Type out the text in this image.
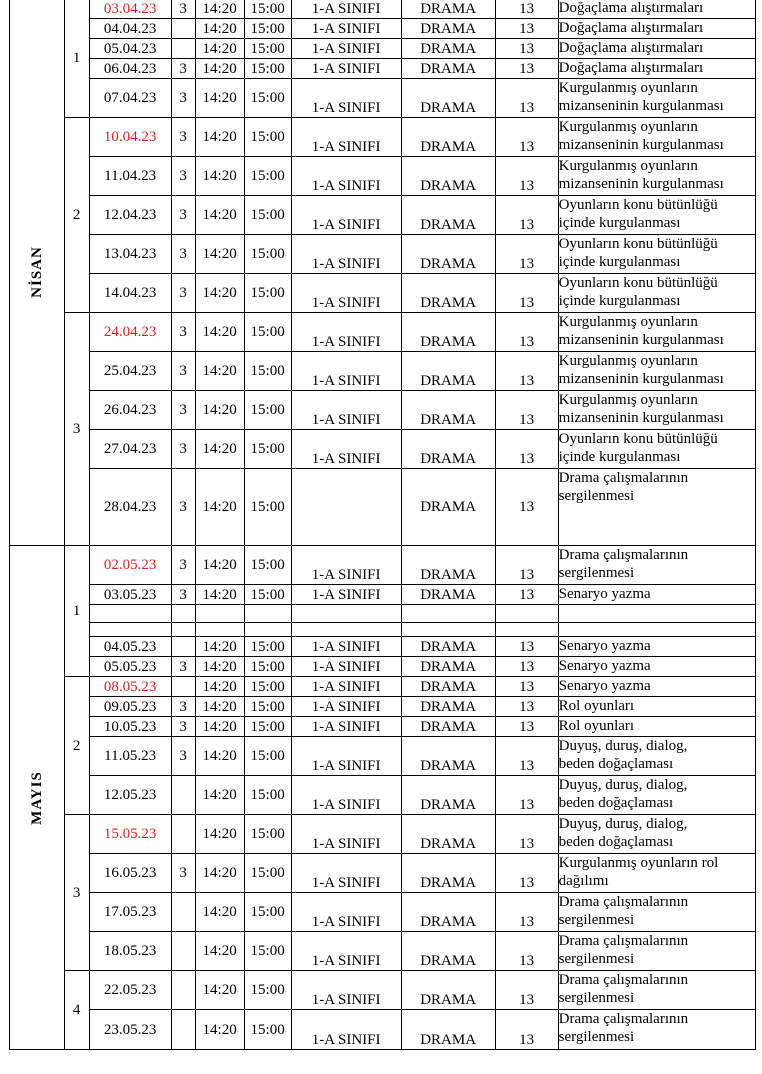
NİSAN	1	03.04.23	3	14:20	15:00	1-A SINIFI	DRAMA	13	Doğaçlama alıştırmaları

		04.04.23		14:20	15:00	1-A SINIFI	DRAMA	13	Doğaçlama alıştırmaları

		05.04.23		14:20	15:00	1-A SINIFI	DRAMA	13	Doğaçlama alıştırmaları

		06.04.23	3	14:20	15:00	1-A SINIFI	DRAMA	13	Doğaçlama alıştırmaları

		07.04.23	3	14:20	15:00	1-A SINIFI	DRAMA	13	Kurgulanmış oyunların
mizanseninin kurgulanması

	2	10.04.23	3	14:20	15:00	1-A SINIFI	DRAMA	13	Kurgulanmış oyunların
mizanseninin kurgulanması

		11.04.23	3	14:20	15:00	1-A SINIFI	DRAMA	13	Kurgulanmış oyunların
mizanseninin kurgulanması

		12.04.23	3	14:20	15:00	1-A SINIFI	DRAMA	13	Oyunların konu bütünlüğü
içinde kurgulanması

		13.04.23	3	14:20	15:00	1-A SINIFI	DRAMA	13	Oyunların konu bütünlüğü
içinde kurgulanması

		14.04.23	3	14:20	15:00	1-A SINIFI	DRAMA	13	Oyunların konu bütünlüğü
içinde kurgulanması

	3	24.04.23	3	14:20	15:00	1-A SINIFI	DRAMA	13	Kurgulanmış oyunların
mizanseninin kurgulanması

		25.04.23	3	14:20	15:00	1-A SINIFI	DRAMA	13	Kurgulanmış oyunların
mizanseninin kurgulanması

		26.04.23	3	14:20	15:00	1-A SINIFI	DRAMA	13	Kurgulanmış oyunların
mizanseninin kurgulanması

		27.04.23	3	14:20	15:00	1-A SINIFI	DRAMA	13	Oyunların konu bütünlüğü
içinde kurgulanması

		28.04.23	3	14:20	15:00		DRAMA	13	Drama çalışmalarının
sergilenmesi

MAYIS	1	02.05.23	3	14:20	15:00	1-A SINIFI	DRAMA	13	Drama çalışmalarının
sergilenmesi

		03.05.23	3	14:20	15:00	1-A SINIFI	DRAMA	13	Senaryo yazma

		04.05.23		14:20	15:00	1-A SINIFI	DRAMA	13	Senaryo yazma

		05.05.23	3	14:20	15:00	1-A SINIFI	DRAMA	13	Senaryo yazma

	2	08.05.23		14:20	15:00	1-A SINIFI	DRAMA	13	Senaryo yazma

		09.05.23	3	14:20	15:00	1-A SINIFI	DRAMA	13	Rol oyunları

		10.05.23	3	14:20	15:00	1-A SINIFI	DRAMA	13	Rol oyunları

		11.05.23	3	14:20	15:00	1-A SINIFI	DRAMA	13	Duyuş, duruş, dialog,
beden doğaçlaması

		12.05.23		14:20	15:00	1-A SINIFI	DRAMA	13	Duyuş, duruş, dialog,
beden doğaçlaması

	3	15.05.23		14:20	15:00	1-A SINIFI	DRAMA	13	Duyuş, duruş, dialog,
beden doğaçlaması

		16.05.23	3	14:20	15:00	1-A SINIFI	DRAMA	13	Kurgulanmış oyunların rol
dağılımı

		17.05.23		14:20	15:00	1-A SINIFI	DRAMA	13	Drama çalışmalarının
sergilenmesi

		18.05.23		14:20	15:00	1-A SINIFI	DRAMA	13	Drama çalışmalarının
sergilenmesi

	4	22.05.23		14:20	15:00	1-A SINIFI	DRAMA	13	Drama çalışmalarının
sergilenmesi

		23.05.23		14:20	15:00	1-A SINIFI	DRAMA	13	Drama çalışmalarının
sergilenmesi
